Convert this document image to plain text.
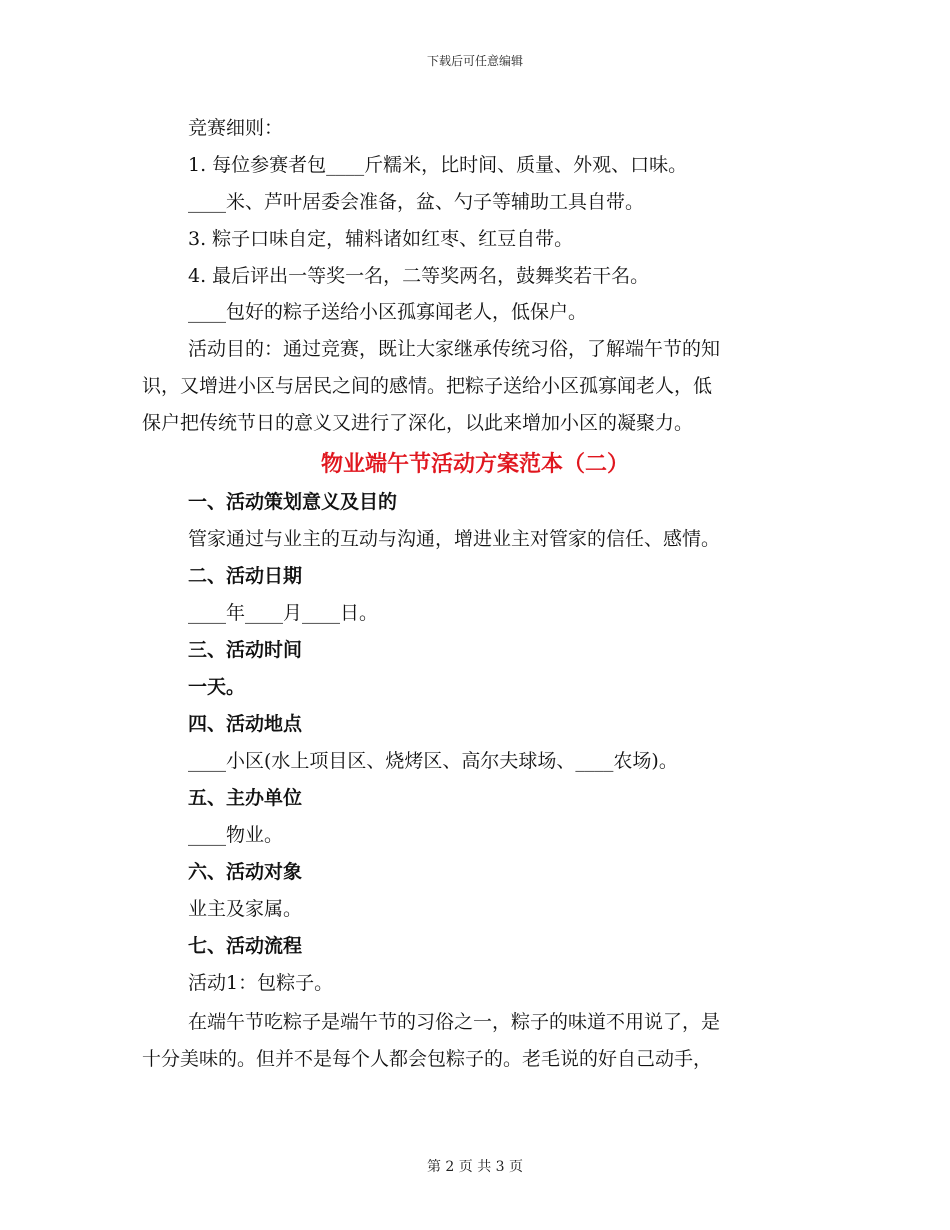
下载后可任意编辑
竞赛细则：
1. 每位参赛者包____斤糯米，比时间、质量、外观、口味。
____米、芦叶居委会准备，盆、勺子等辅助工具自带。
3. 粽子口味自定，辅料诸如红枣、红豆自带。
4. 最后评出一等奖一名，二等奖两名，鼓舞奖若干名。
____包好的粽子送给小区孤寡闻老人，低保户。
活动目的：通过竞赛，既让大家继承传统习俗，了解端午节的知
识，又增进小区与居民之间的感情。把粽子送给小区孤寡闻老人，低
保户把传统节日的意义又进行了深化，以此来增加小区的凝聚力。
物业端午节活动方案范本（二）
一、活动策划意义及目的
管家通过与业主的互动与沟通，增进业主对管家的信任、感情。
二、活动日期
____年____月____日。
三、活动时间
一天。
四、活动地点
____小区(水上项目区、烧烤区、高尔夫球场、____农场)。
五、主办单位
____物业。
六、活动对象
业主及家属。
七、活动流程
活动1：包粽子。
在端午节吃粽子是端午节的习俗之一，粽子的味道不用说了，是
十分美味的。但并不是每个人都会包粽子的。老毛说的好自己动手，
第 2 页 共 3 页
